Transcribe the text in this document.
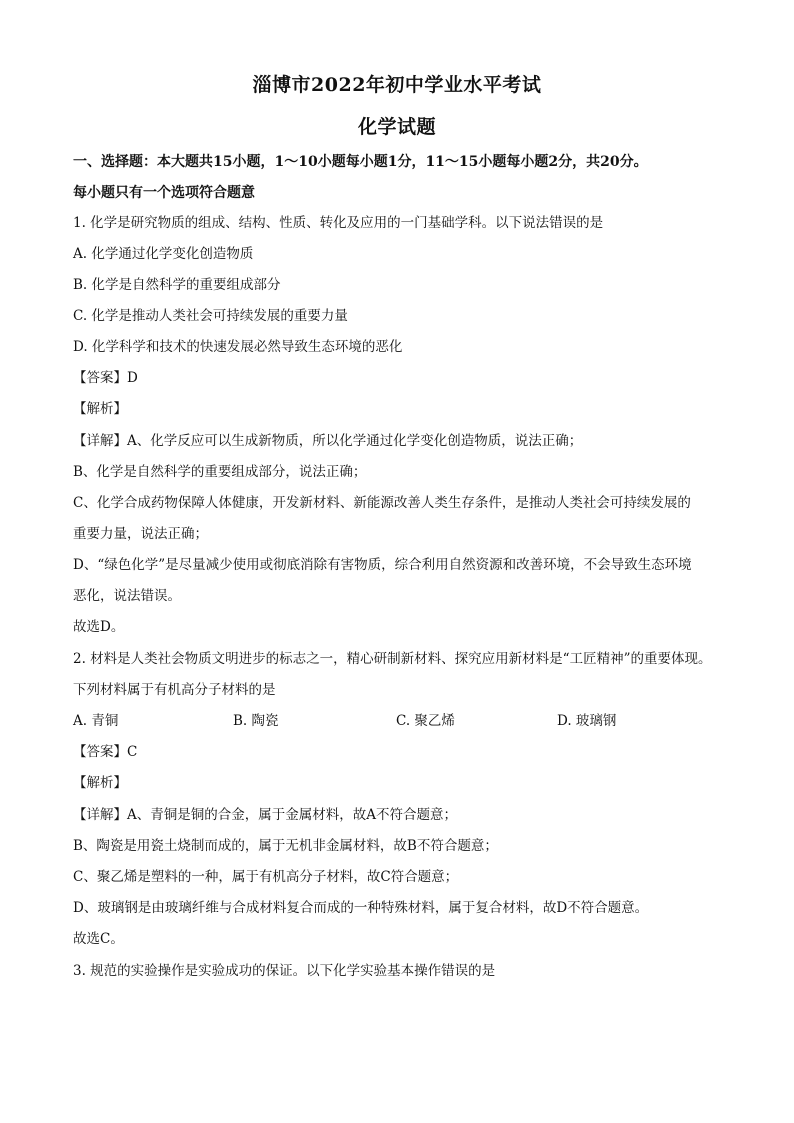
淄博市2022年初中学业水平考试
化学试题
一、选择题：本大题共15小题，1～10小题每小题1分，11～15小题每小题2分，共20分。
每小题只有一个选项符合题意
1. 化学是研究物质的组成、结构、性质、转化及应用的一门基础学科。以下说法错误的是
A. 化学通过化学变化创造物质
B. 化学是自然科学的重要组成部分
C. 化学是推动人类社会可持续发展的重要力量
D. 化学科学和技术的快速发展必然导致生态环境的恶化
【答案】D
【解析】
【详解】A、化学反应可以生成新物质，所以化学通过化学变化创造物质，说法正确；
B、化学是自然科学的重要组成部分，说法正确；
C、化学合成药物保障人体健康，开发新材料、新能源改善人类生存条件，是推动人类社会可持续发展的
重要力量，说法正确；
D、“绿色化学”是尽量减少使用或彻底消除有害物质，综合利用自然资源和改善环境，不会导致生态环境
恶化，说法错误。
故选D。
2. 材料是人类社会物质文明进步的标志之一，精心研制新材料、探究应用新材料是“工匠精神”的重要体现。
下列材料属于有机高分子材料的是
A. 青铜	B. 陶瓷	C. 聚乙烯	D. 玻璃钢
【答案】C
【解析】
【详解】A、青铜是铜的合金，属于金属材料，故A不符合题意；
B、陶瓷是用瓷土烧制而成的，属于无机非金属材料，故B不符合题意；
C、聚乙烯是塑料的一种，属于有机高分子材料，故C符合题意；
D、玻璃钢是由玻璃纤维与合成材料复合而成的一种特殊材料，属于复合材料，故D不符合题意。
故选C。
3. 规范的实验操作是实验成功的保证。以下化学实验基本操作错误的是
